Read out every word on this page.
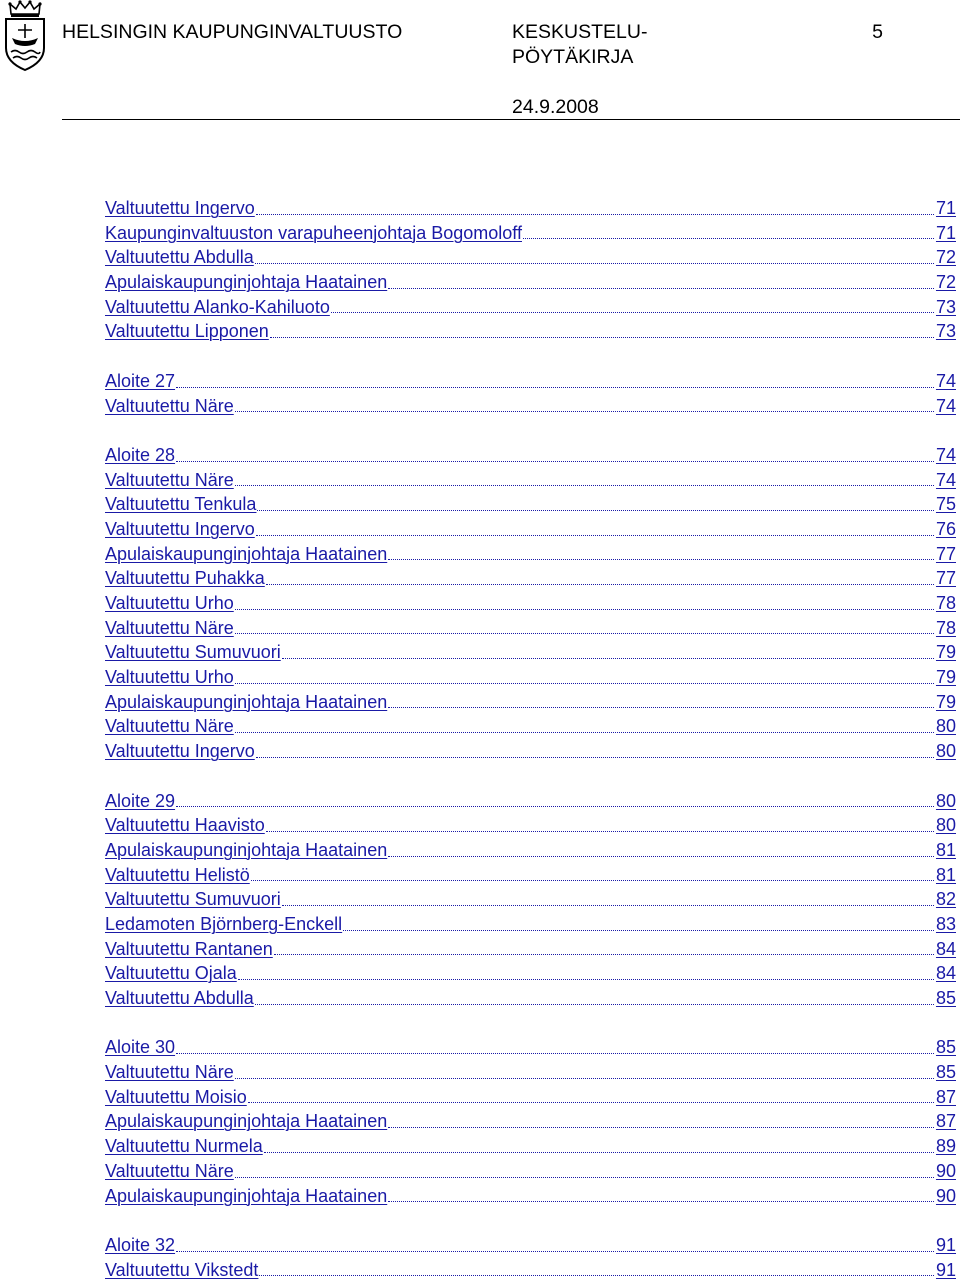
HELSINGIN KAUPUNGINVALTUUSTO	KESKUSTELU-
PÖYTÄKIRJA
5
24.9.2008
Valtuutettu Ingervo	71
Kaupunginvaltuuston varapuheenjohtaja Bogomoloff	71
Valtuutettu Abdulla	72
Apulaiskaupunginjohtaja Haatainen	72
Valtuutettu Alanko-Kahiluoto	73
Valtuutettu Lipponen	73
Aloite 27	74
Valtuutettu Näre	74
Aloite 28	74
Valtuutettu Näre	74
Valtuutettu Tenkula	75
Valtuutettu Ingervo	76
Apulaiskaupunginjohtaja Haatainen	77
Valtuutettu Puhakka	77
Valtuutettu Urho	78
Valtuutettu Näre	78
Valtuutettu Sumuvuori	79
Valtuutettu Urho	79
Apulaiskaupunginjohtaja Haatainen	79
Valtuutettu Näre	80
Valtuutettu Ingervo	80
Aloite 29	80
Valtuutettu Haavisto	80
Apulaiskaupunginjohtaja Haatainen	81
Valtuutettu Helistö	81
Valtuutettu Sumuvuori	82
Ledamoten Björnberg-Enckell	83
Valtuutettu Rantanen	84
Valtuutettu Ojala	84
Valtuutettu Abdulla	85
Aloite 30	85
Valtuutettu Näre	85
Valtuutettu Moisio	87
Apulaiskaupunginjohtaja Haatainen	87
Valtuutettu Nurmela	89
Valtuutettu Näre	90
Apulaiskaupunginjohtaja Haatainen	90
Aloite 32	91
Valtuutettu Vikstedt	91
